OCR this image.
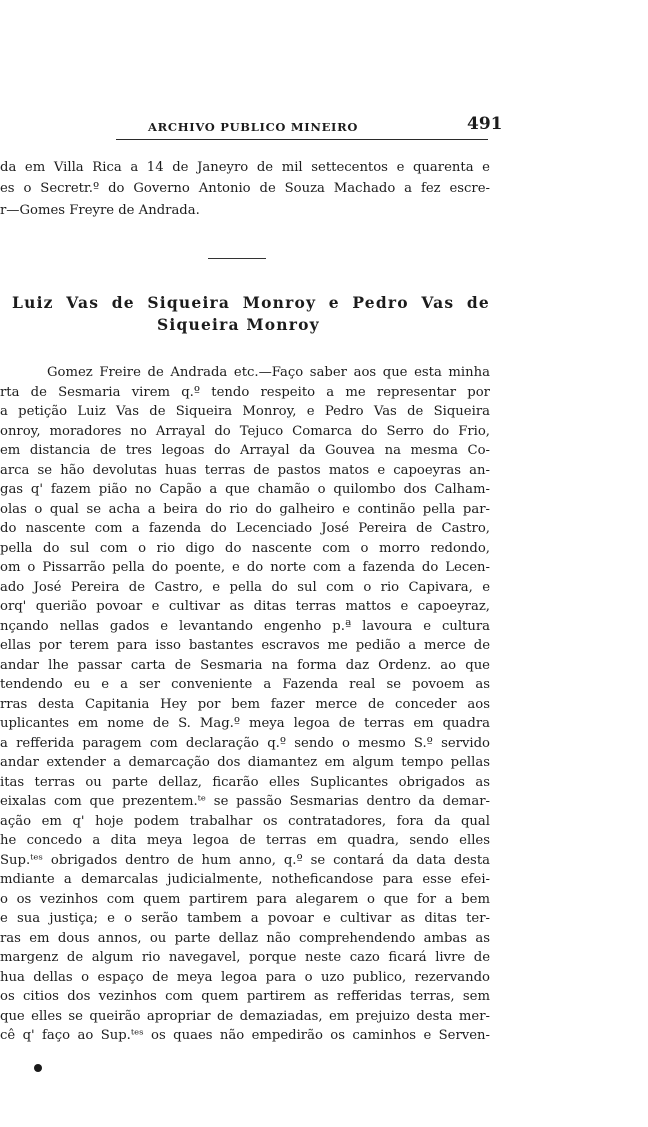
ARCHIVO PUBLICO MINEIRO	491
da em Villa Rica a 14 de Janeyro de mil settecentos e quarenta e
es o Secretr.º do Governo Antonio de Souza Machado a fez escre-
r—Gomes Freyre de Andrada.
Luiz Vas de Siqueira Monroy e Pedro Vas de
Siqueira Monroy
Gomez Freire de Andrada etc.—Faço saber aos que esta minha
rta de Sesmaria virem q.º tendo respeito a me representar por
a petição Luiz Vas de Siqueira Monroy, e Pedro Vas de Siqueira
onroy, moradores no Arrayal do Tejuco Comarca do Serro do Frio,
em distancia de tres legoas do Arrayal da Gouvea na mesma Co-
arca se hão devolutas huas terras de pastos matos e capoeyras an-
gas q' fazem pião no Capão a que chamão o quilombo dos Calham-
olas o qual se acha a beira do rio do galheiro e continão pella par-
do nascente com a fazenda do Lecenciado José Pereira de Castro,
pella do sul com o rio digo do nascente com o morro redondo,
om o Pissarrão pella do poente, e do norte com a fazenda do Lecen-
ado José Pereira de Castro, e pella do sul com o rio Capivara, e
orq' querião povoar e cultivar as ditas terras mattos e capoeyraz,
nçando nellas gados e levantando engenho p.ª lavoura e cultura
ellas por terem para isso bastantes escravos me pedião a merce de
andar lhe passar carta de Sesmaria na forma daz Ordenz. ao que
tendendo eu e a ser conveniente a Fazenda real se povoem as
rras desta Capitania Hey por bem fazer merce de conceder aos
uplicantes em nome de S. Mag.º meya legoa de terras em quadra
a refferida paragem com declaração q.º sendo o mesmo S.º servido
andar extender a demarcação dos diamantez em algum tempo pellas
itas terras ou parte dellaz, ficarão elles Suplicantes obrigados as
eixalas com que prezentem.ᵗᵉ se passão Sesmarias dentro da demar-
ação em q' hoje podem trabalhar os contratadores, fora da qual
he concedo a dita meya legoa de terras em quadra, sendo elles
Sup.ᵗᵉˢ obrigados dentro de hum anno, q.º se contará da data desta
mdiante a demarcalas judicialmente, notheficandose para esse efei-
o os vezinhos com quem partirem para alegarem o que for a bem
e sua justiça; e o serão tambem a povoar e cultivar as ditas ter-
ras em dous annos, ou parte dellaz não comprehendendo ambas as
margenz de algum rio navegavel, porque neste cazo ficará livre de
hua dellas o espaço de meya legoa para o uzo publico, rezervando
os citios dos vezinhos com quem partirem as refferidas terras, sem
que elles se queirão apropriar de demaziadas, em prejuizo desta mer-
cê q' faço ao Sup.ᵗᵉˢ os quaes não empedirão os caminhos e Serven-
